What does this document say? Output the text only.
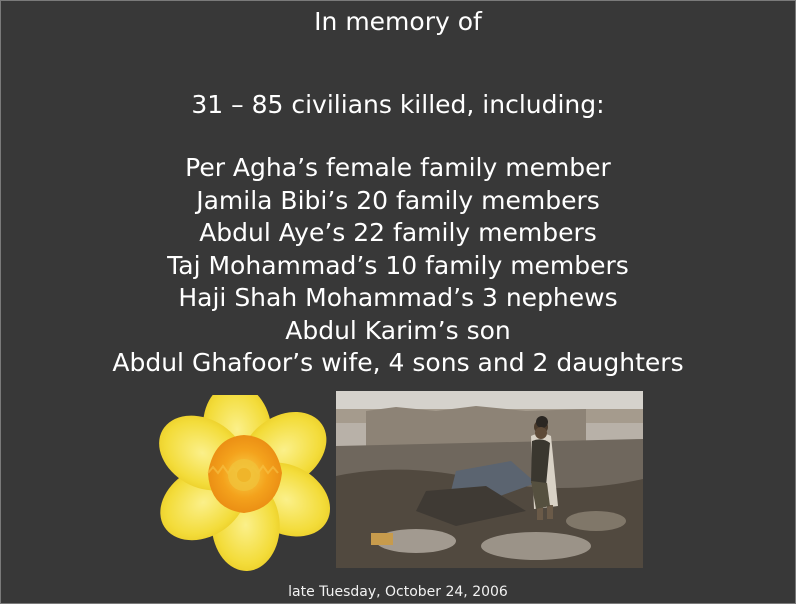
In memory of
31 – 85 civilians killed, including:
Per Agha’s female family member
Jamila Bibi’s 20 family members
Abdul Aye’s 22 family members
Taj Mohammad’s 10 family members
Haji Shah Mohammad’s 3 nephews
Abdul Karim’s son
Abdul Ghafoor’s wife, 4 sons and 2 daughters
late Tuesday, October 24, 2006
